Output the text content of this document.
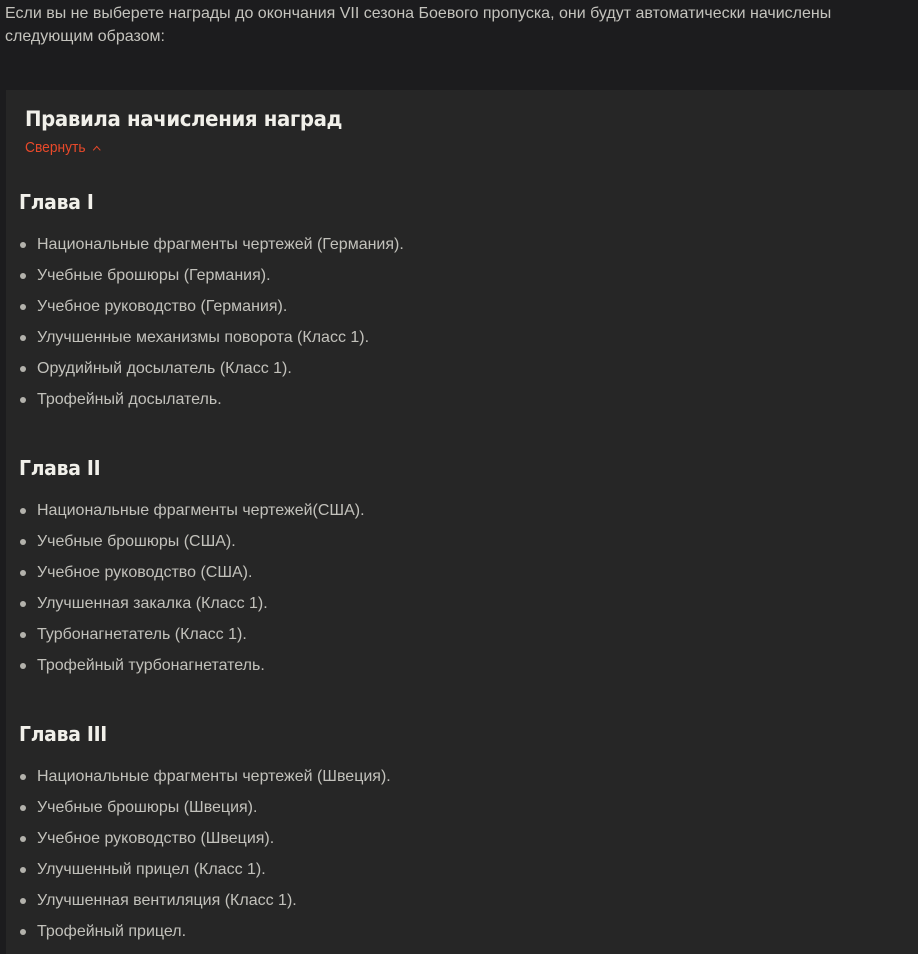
Если вы не выберете награды до окончания VII сезона Боевого пропуска, они будут автоматически начислены следующим образом:

Правила начисления наград
Свернуть
Глава I
Национальные фрагменты чертежей (Германия).
Учебные брошюры (Германия).
Учебное руководство (Германия).
Улучшенные механизмы поворота (Класс 1).
Орудийный досылатель (Класс 1).
Трофейный досылатель.
Глава II
Национальные фрагменты чертежей(США).
Учебные брошюры (США).
Учебное руководство (США).
Улучшенная закалка (Класс 1).
Турбонагнетатель (Класс 1).
Трофейный турбонагнетатель.
Глава III
Национальные фрагменты чертежей (Швеция).
Учебные брошюры (Швеция).
Учебное руководство (Швеция).
Улучшенный прицел (Класс 1).
Улучшенная вентиляция (Класс 1).
Трофейный прицел.
